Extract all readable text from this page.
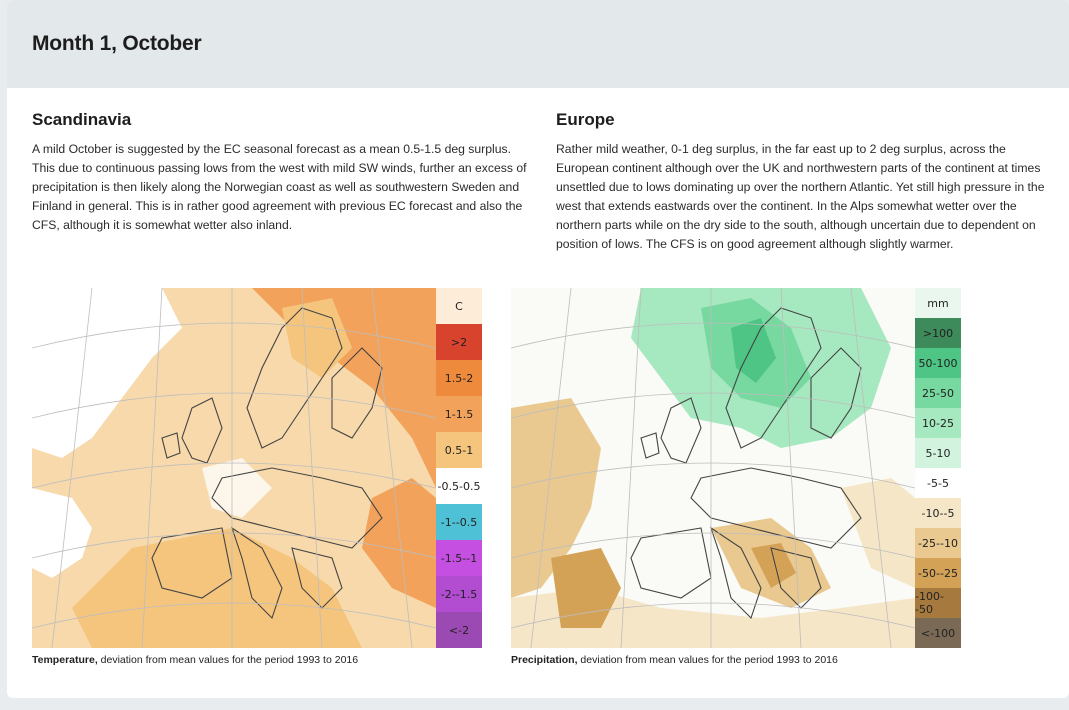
Month 1, October
Scandinavia

A mild October is suggested by the EC seasonal forecast as a mean 0.5-1.5 deg surplus. This due to continuous passing lows from the west with mild SW winds, further an excess of precipitation is then likely along the Norwegian coast as well as southwestern Sweden and Finland in general. This is in rather good agreement with previous EC forecast and also the CFS, although it is somewhat wetter also inland.

Europe

Rather mild weather, 0-1 deg surplus, in the far east up to 2 deg surplus, across the European continent although over the UK and northwestern parts of the continent at times unsettled due to lows dominating up over the northern Atlantic. Yet still high pressure in the west that extends eastwards over the continent. In the Alps somewhat wetter over the northern parts while on the dry side to the south, although uncertain due to dependent on position of lows. The CFS is on good agreement although slightly warmer.

C
>2
1.5-2
1-1.5
0.5-1
-0.5-0.5
-1--0.5
-1.5--1
-2--1.5
<-2
mm
>100
50-100
25-50
10-25
5-10
-5-5
-10--5
-25--10
-50--25
-100--50
<-100
Temperature, deviation from mean values for the period 1993 to 2016	Precipitation, deviation from mean values for the period 1993 to 2016
